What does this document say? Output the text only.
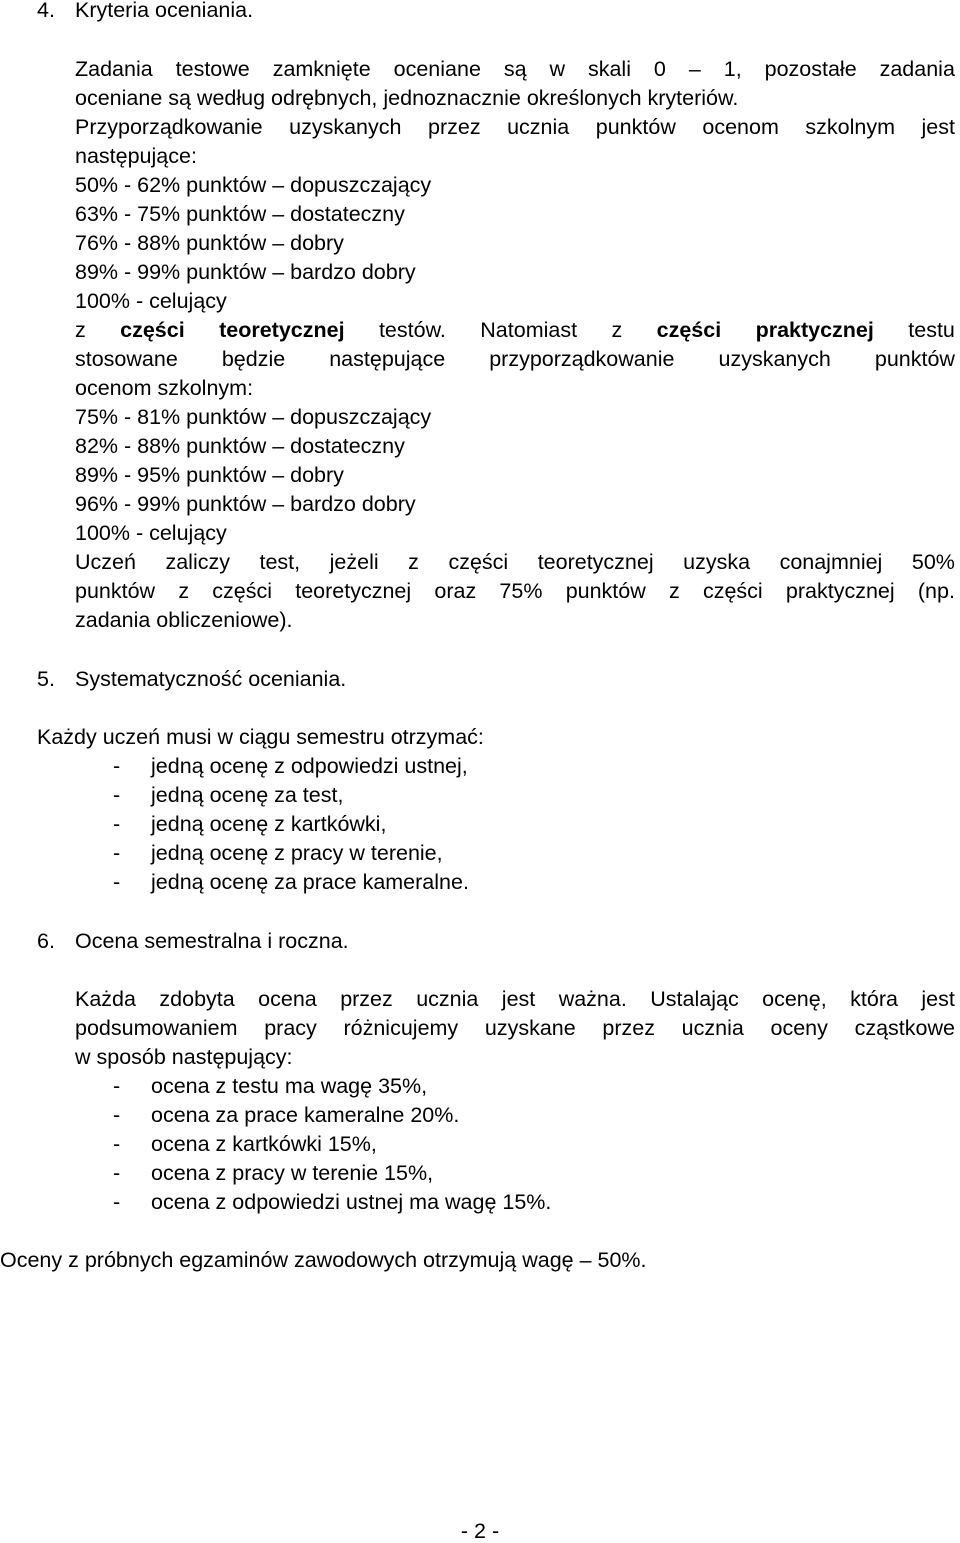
4. Kryteria oceniania.
Zadania testowe zamknięte oceniane są w skali 0 – 1, pozostałe zadania
oceniane są według odrębnych, jednoznacznie określonych kryteriów.
Przyporządkowanie uzyskanych przez ucznia punktów ocenom szkolnym jest
następujące:
50% - 62% punktów – dopuszczający
63% - 75% punktów – dostateczny
76% - 88% punktów – dobry
89% - 99% punktów – bardzo dobry
100% - celujący
z części teoretycznej testów. Natomiast z części praktycznej testu
stosowane będzie następujące przyporządkowanie uzyskanych punktów
ocenom szkolnym:
75% - 81% punktów – dopuszczający
82% - 88% punktów – dostateczny
89% - 95% punktów – dobry
96% - 99% punktów – bardzo dobry
100% - celujący
Uczeń zaliczy test, jeżeli z części teoretycznej uzyska conajmniej 50%
punktów z części teoretycznej oraz 75% punktów z części praktycznej (np.
zadania obliczeniowe).
5. Systematyczność oceniania.
Każdy uczeń musi w ciągu semestru otrzymać:
- jedną ocenę z odpowiedzi ustnej,
- jedną ocenę za test,
- jedną ocenę z kartkówki,
- jedną ocenę z pracy w terenie,
- jedną ocenę za prace kameralne.
6. Ocena semestralna i roczna.
Każda zdobyta ocena przez ucznia jest ważna. Ustalając ocenę, która jest
podsumowaniem pracy różnicujemy uzyskane przez ucznia oceny cząstkowe
w sposób następujący:
- ocena z testu ma wagę 35%,
- ocena za prace kameralne 20%.
- ocena z kartkówki 15%,
- ocena z pracy w terenie 15%,
- ocena z odpowiedzi ustnej ma wagę 15%.
Oceny z próbnych egzaminów zawodowych otrzymują wagę – 50%.
- 2 -
